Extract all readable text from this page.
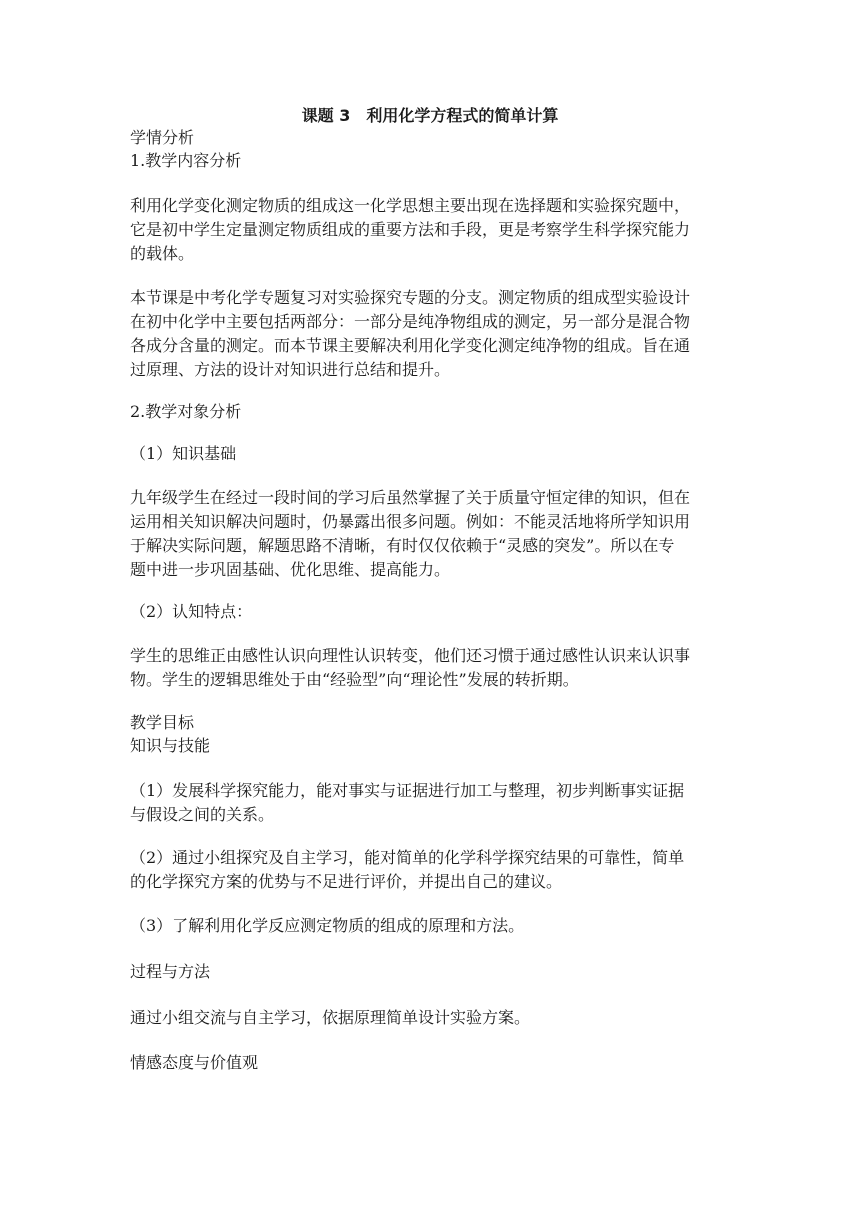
课题 3　利用化学方程式的简单计算

学情分析

1.教学内容分析

利用化学变化测定物质的组成这一化学思想主要出现在选择题和实验探究题中，
它是初中学生定量测定物质组成的重要方法和手段，更是考察学生科学探究能力
的载体。
本节课是中考化学专题复习对实验探究专题的分支。测定物质的组成型实验设计
在初中化学中主要包括两部分：一部分是纯净物组成的测定，另一部分是混合物
各成分含量的测定。而本节课主要解决利用化学变化测定纯净物的组成。旨在通
过原理、方法的设计对知识进行总结和提升。

2.教学对象分析

（1）知识基础

九年级学生在经过一段时间的学习后虽然掌握了关于质量守恒定律的知识，但在
运用相关知识解决问题时，仍暴露出很多问题。例如：不能灵活地将所学知识用
于解决实际问题，解题思路不清晰，有时仅仅依赖于“灵感的突发”。所以在专
题中进一步巩固基础、优化思维、提高能力。

（2）认知特点：

学生的思维正由感性认识向理性认识转变，他们还习惯于通过感性认识来认识事
物。学生的逻辑思维处于由“经验型”向“理论性”发展的转折期。

教学目标

知识与技能

（1）发展科学探究能力，能对事实与证据进行加工与整理，初步判断事实证据
与假设之间的关系。
（2）通过小组探究及自主学习，能对简单的化学科学探究结果的可靠性，简单
的化学探究方案的优势与不足进行评价，并提出自己的建议。

（3）了解利用化学反应测定物质的组成的原理和方法。

过程与方法

通过小组交流与自主学习，依据原理简单设计实验方案。

情感态度与价值观
